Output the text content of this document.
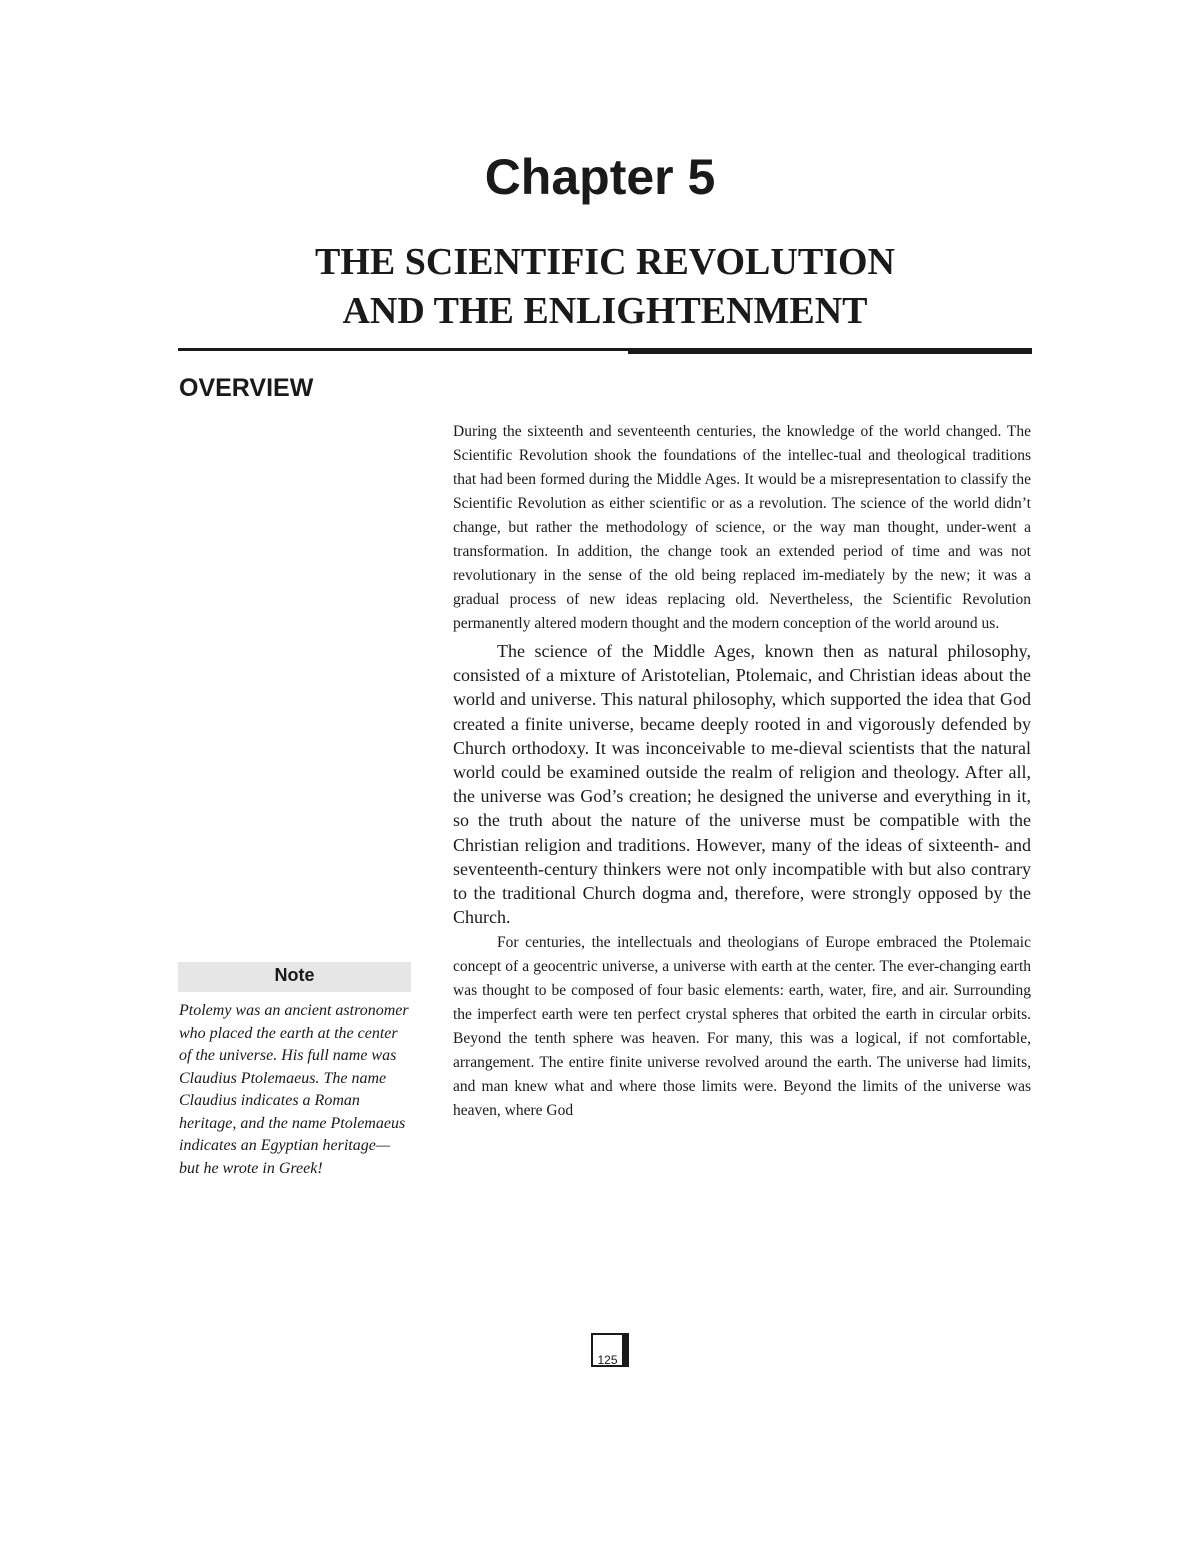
Chapter 5
THE SCIENTIFIC REVOLUTION
AND THE ENLIGHTENMENT
OVERVIEW

During the sixteenth and seventeenth centuries, the knowledge of the world changed. The Scientific Revolution shook the foundations of the intellec-tual and theological traditions that had been formed during the Middle Ages. It would be a misrepresentation to classify the Scientific Revolution as either scientific or as a revolution. The science of the world didn’t change, but rather the methodology of science, or the way man thought, under-went a transformation. In addition, the change took an extended period of time and was not revolutionary in the sense of the old being replaced im-mediately by the new; it was a gradual process of new ideas replacing old. Nevertheless, the Scientific Revolution permanently altered modern thought and the modern conception of the world around us.

The science of the Middle Ages, known then as natural philosophy, consisted of a mixture of Aristotelian, Ptolemaic, and Christian ideas about the world and universe. This natural philosophy, which supported the idea that God created a finite universe, became deeply rooted in and vigorously defended by Church orthodoxy. It was inconceivable to me-dieval scientists that the natural world could be examined outside the realm of religion and theology. After all, the universe was God’s creation; he designed the universe and everything in it, so the truth about the nature of the universe must be compatible with the Christian religion and traditions. However, many of the ideas of sixteenth- and seventeenth-century thinkers were not only incompatible with but also contrary to the traditional Church dogma and, therefore, were strongly opposed by the Church.

For centuries, the intellectuals and theologians of Europe embraced the Ptolemaic concept of a geocentric universe, a universe with earth at the center. The ever-changing earth was thought to be composed of four basic elements: earth, water, fire, and air. Surrounding the imperfect earth were ten perfect crystal spheres that orbited the earth in circular orbits. Beyond the tenth sphere was heaven. For many, this was a logical, if not comfortable, arrangement. The entire finite universe revolved around the earth. The universe had limits, and man knew what and where those limits were. Beyond the limits of the universe was heaven, where God

Note

Ptolemy was an ancient astronomer who placed the earth at the center of the universe. His full name was Claudius Ptolemaeus. The name Claudius indicates a Roman heritage, and the name Ptolemaeus indicates an Egyptian heritage— but he wrote in Greek!

125
